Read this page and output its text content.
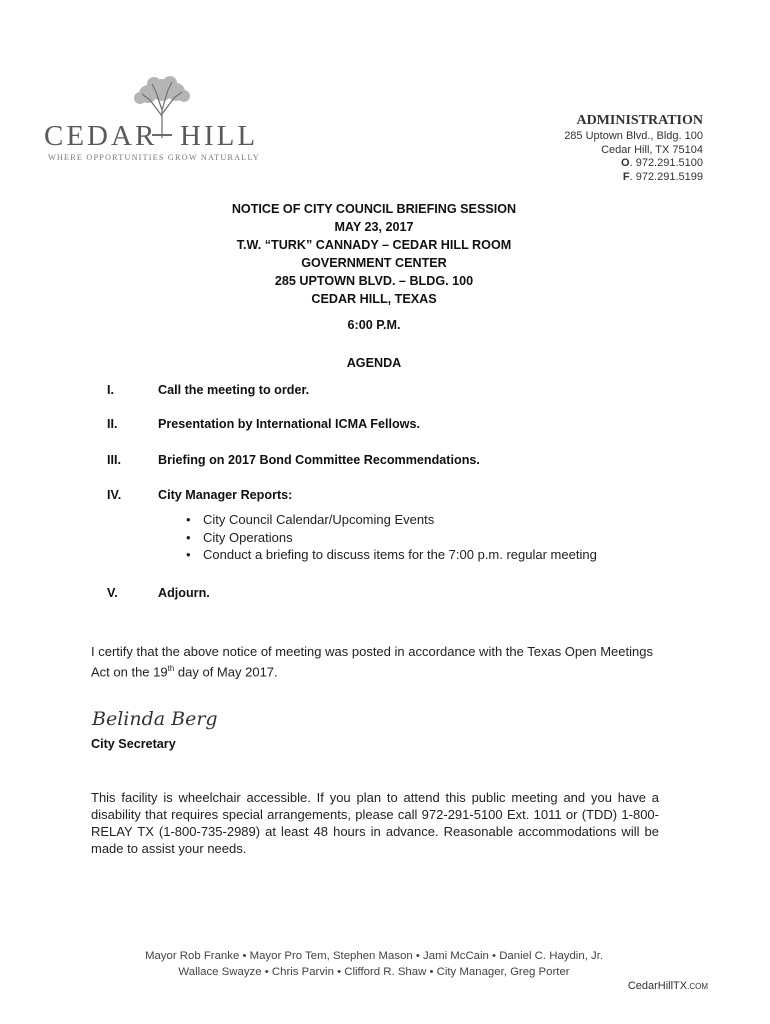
CEDAR HILL
WHERE OPPORTUNITIES GROW NATURALLY
ADMINISTRATION
285 Uptown Blvd., Bldg. 100
Cedar Hill, TX 75104
O. 972.291.5100
F. 972.291.5199
NOTICE OF CITY COUNCIL BRIEFING SESSION
MAY 23, 2017
T.W. “TURK” CANNADY – CEDAR HILL ROOM
GOVERNMENT CENTER
285 UPTOWN BLVD. – BLDG. 100
CEDAR HILL, TEXAS
6:00 P.M.
AGENDA
I.	Call the meeting to order.
II.	Presentation by International ICMA Fellows.
III.	Briefing on 2017 Bond Committee Recommendations.
IV.	City Manager Reports:
• City Council Calendar/Upcoming Events
• City Operations
• Conduct a briefing to discuss items for the 7:00 p.m. regular meeting
V.	Adjourn.
I certify that the above notice of meeting was posted in accordance with the Texas Open Meetings Act on the 19th day of May 2017.
Belinda Berg
City Secretary
This facility is wheelchair accessible. If you plan to attend this public meeting and you have a disability that requires special arrangements, please call 972-291-5100 Ext. 1011 or (TDD) 1-800-RELAY TX (1-800-735-2989) at least 48 hours in advance. Reasonable accommodations will be made to assist your needs.
Mayor Rob Franke • Mayor Pro Tem, Stephen Mason • Jami McCain • Daniel C. Haydin, Jr.
Wallace Swayze • Chris Parvin • Clifford R. Shaw • City Manager, Greg Porter
CedarHillTX.COM
